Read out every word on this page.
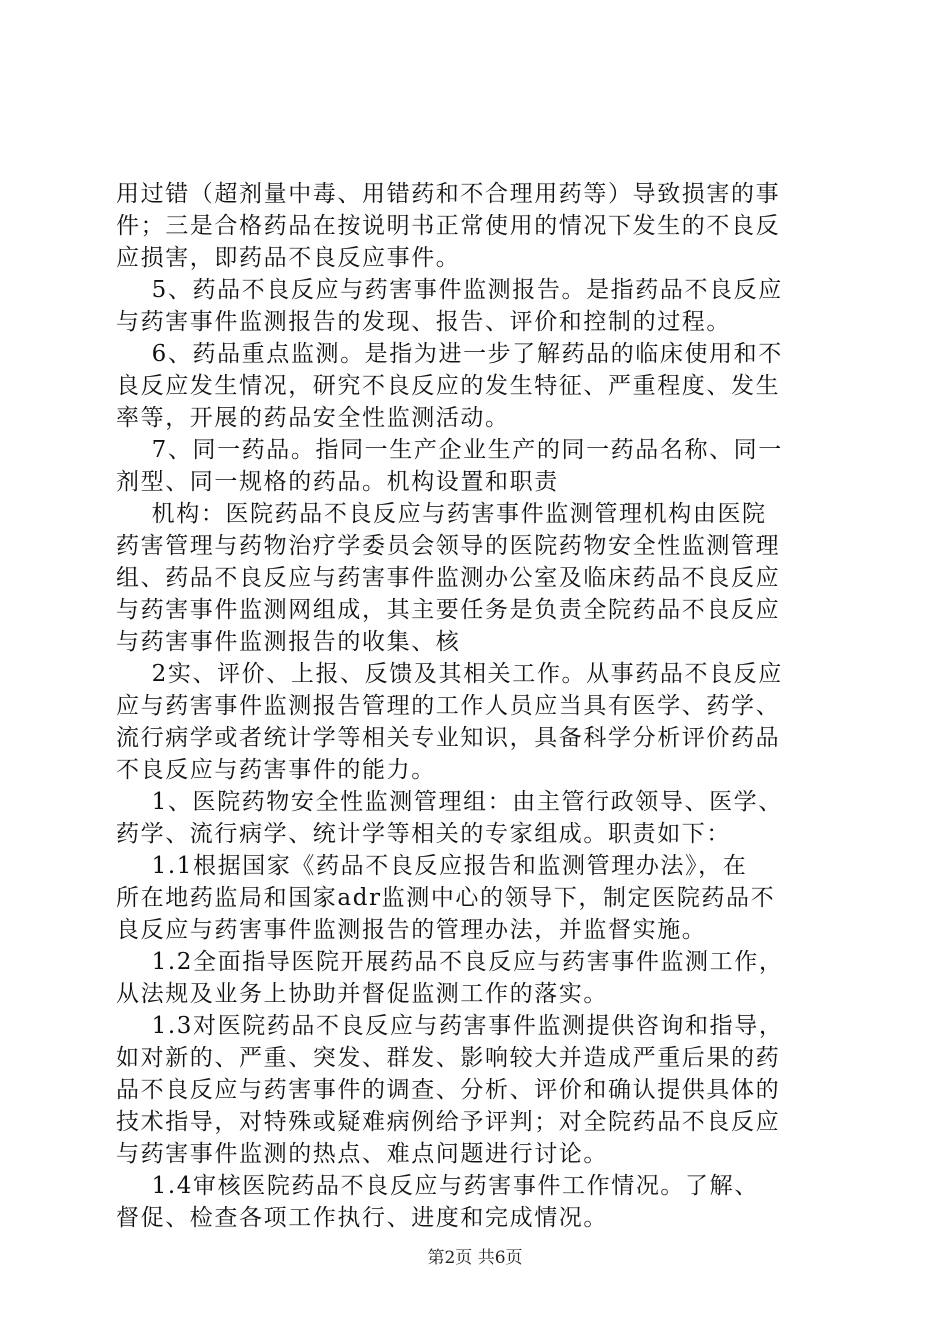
用过错（超剂量中毒、用错药和不合理用药等）导致损害的事
件；三是合格药品在按说明书正常使用的情况下发生的不良反
应损害，即药品不良反应事件。
5、药品不良反应与药害事件监测报告。是指药品不良反应
与药害事件监测报告的发现、报告、评价和控制的过程。
6、药品重点监测。是指为进一步了解药品的临床使用和不
良反应发生情况，研究不良反应的发生特征、严重程度、发生
率等，开展的药品安全性监测活动。
7、同一药品。指同一生产企业生产的同一药品名称、同一
剂型、同一规格的药品。机构设置和职责
机构：医院药品不良反应与药害事件监测管理机构由医院
药害管理与药物治疗学委员会领导的医院药物安全性监测管理
组、药品不良反应与药害事件监测办公室及临床药品不良反应
与药害事件监测网组成，其主要任务是负责全院药品不良反应
与药害事件监测报告的收集、核
2实、评价、上报、反馈及其相关工作。从事药品不良反应
应与药害事件监测报告管理的工作人员应当具有医学、药学、
流行病学或者统计学等相关专业知识，具备科学分析评价药品
不良反应与药害事件的能力。
1、医院药物安全性监测管理组：由主管行政领导、医学、
药学、流行病学、统计学等相关的专家组成。职责如下：
1.1根据国家《药品不良反应报告和监测管理办法》，在
所在地药监局和国家adr监测中心的领导下，制定医院药品不
良反应与药害事件监测报告的管理办法，并监督实施。
1.2全面指导医院开展药品不良反应与药害事件监测工作，
从法规及业务上协助并督促监测工作的落实。
1.3对医院药品不良反应与药害事件监测提供咨询和指导，
如对新的、严重、突发、群发、影响较大并造成严重后果的药
品不良反应与药害事件的调查、分析、评价和确认提供具体的
技术指导，对特殊或疑难病例给予评判；对全院药品不良反应
与药害事件监测的热点、难点问题进行讨论。
1.4审核医院药品不良反应与药害事件工作情况。了解、
督促、检查各项工作执行、进度和完成情况。
第2页 共6页
